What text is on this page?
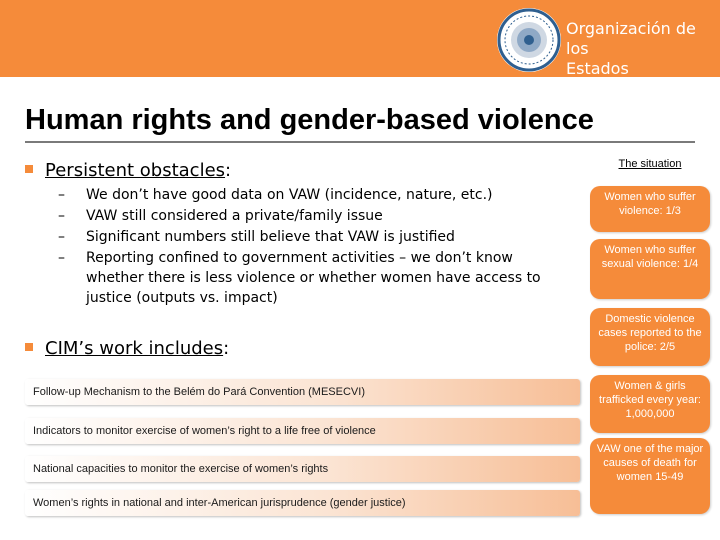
Organización de los
Estados Americanos
Human rights and gender-based violence
Persistent obstacles:
– We don’t have good data on VAW (incidence, nature, etc.)
– VAW still considered a private/family issue
– Significant numbers still believe that VAW is justified
– Reporting confined to government activities – we don’t know whether there is less violence or whether women have access to justice (outputs vs. impact)
CIM’s work includes:
Follow-up Mechanism to the Belém do Pará Convention (MESECVI)
Indicators to monitor exercise of women’s right to a life free of violence
National capacities to monitor the exercise of women’s rights
Women’s rights in national and inter-American jurisprudence (gender justice)
The situation
Women who suffer violence: 1/3
Women who suffer sexual violence: 1/4
Domestic violence cases reported to the police: 2/5
Women & girls trafficked every year: 1,000,000
VAW one of the major causes of death for women 15-49
